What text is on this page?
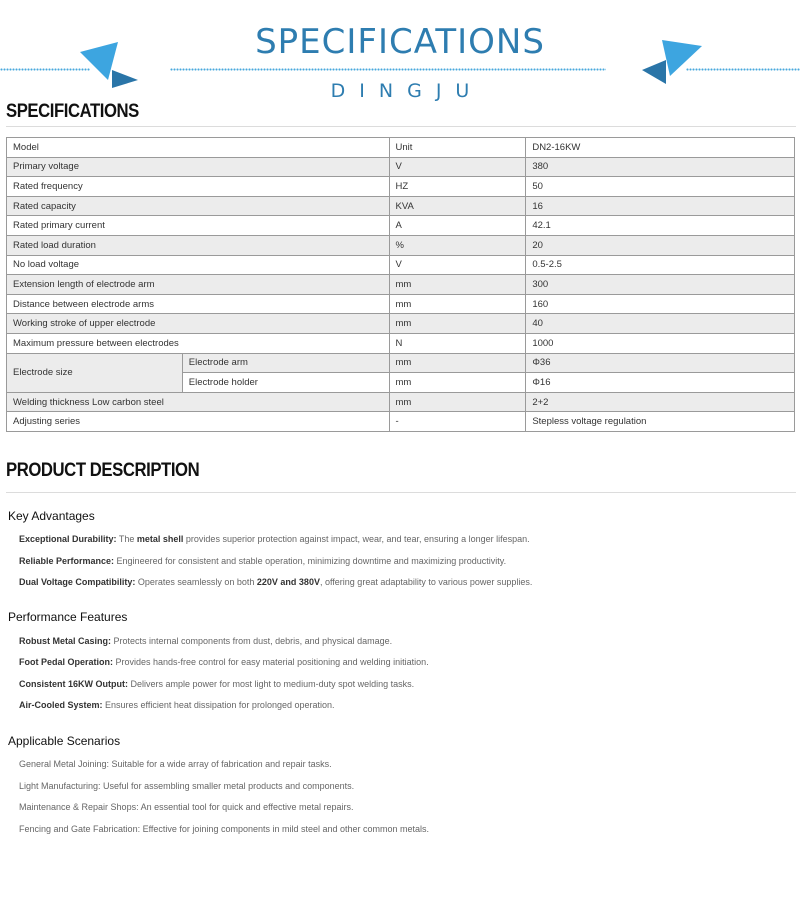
SPECIFICATIONS
DINGJU
SPECIFICATIONS
Model		Unit	DN2-16KW
Primary voltage		V	380
Rated frequency		HZ	50
Rated capacity		KVA	16
Rated primary current		A	42.1
Rated load duration		%	20
No load voltage		V	0.5-2.5
Extension length of electrode arm		mm	300
Distance between electrode arms		mm	160
Working stroke of upper electrode		mm	40
Maximum pressure between electrodes		N	1000
Electrode size	Electrode arm	mm	Φ36
	Electrode holder	mm	Φ16
Welding thickness Low carbon steel		mm	2+2
Adjusting series		-	Stepless voltage regulation
PRODUCT DESCRIPTION
Key Advantages
Exceptional Durability: The metal shell provides superior protection against impact, wear, and tear, ensuring a longer lifespan.
Reliable Performance: Engineered for consistent and stable operation, minimizing downtime and maximizing productivity.
Dual Voltage Compatibility: Operates seamlessly on both 220V and 380V, offering great adaptability to various power supplies.
Performance Features
Robust Metal Casing: Protects internal components from dust, debris, and physical damage.
Foot Pedal Operation: Provides hands-free control for easy material positioning and welding initiation.
Consistent 16KW Output: Delivers ample power for most light to medium-duty spot welding tasks.
Air-Cooled System: Ensures efficient heat dissipation for prolonged operation.
Applicable Scenarios
General Metal Joining: Suitable for a wide array of fabrication and repair tasks.
Light Manufacturing: Useful for assembling smaller metal products and components.
Maintenance & Repair Shops: An essential tool for quick and effective metal repairs.
Fencing and Gate Fabrication: Effective for joining components in mild steel and other common metals.
